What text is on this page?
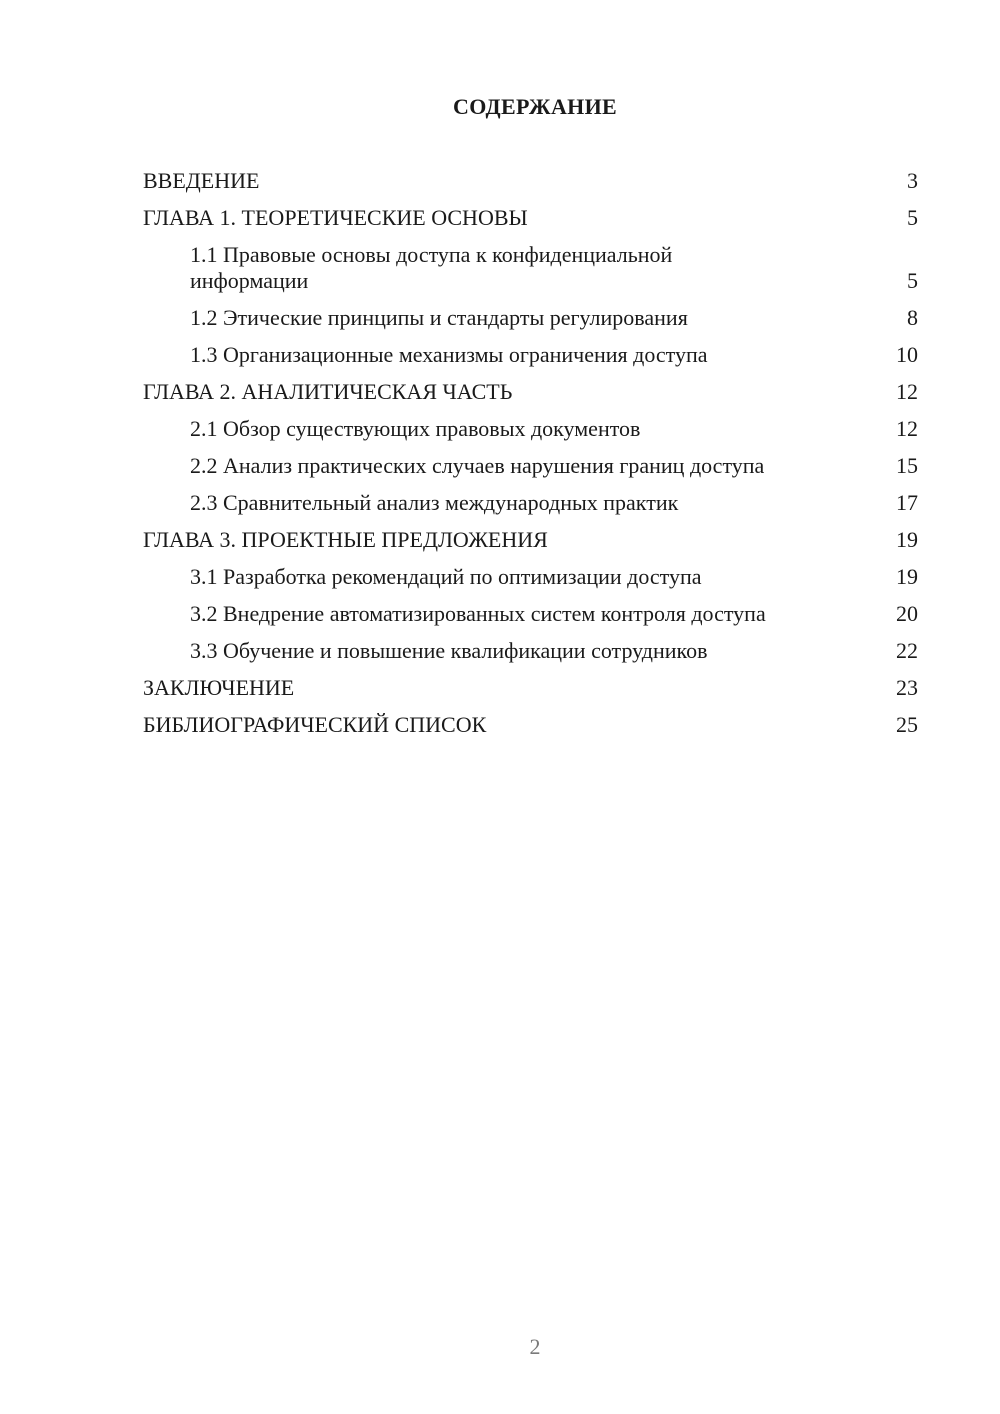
СОДЕРЖАНИЕ
ВВЕДЕНИЕ	3
ГЛАВА 1. ТЕОРЕТИЧЕСКИЕ ОСНОВЫ	5
1.1 Правовые основы доступа к конфиденциальной информации	5
1.2 Этические принципы и стандарты регулирования	8
1.3 Организационные механизмы ограничения доступа	10
ГЛАВА 2. АНАЛИТИЧЕСКАЯ ЧАСТЬ	12
2.1 Обзор существующих правовых документов	12
2.2 Анализ практических случаев нарушения границ доступа	15
2.3 Сравнительный анализ международных практик	17
ГЛАВА 3. ПРОЕКТНЫЕ ПРЕДЛОЖЕНИЯ	19
3.1 Разработка рекомендаций по оптимизации доступа	19
3.2 Внедрение автоматизированных систем контроля доступа	20
3.3 Обучение и повышение квалификации сотрудников	22
ЗАКЛЮЧЕНИЕ	23
БИБЛИОГРАФИЧЕСКИЙ СПИСОК	25
2
